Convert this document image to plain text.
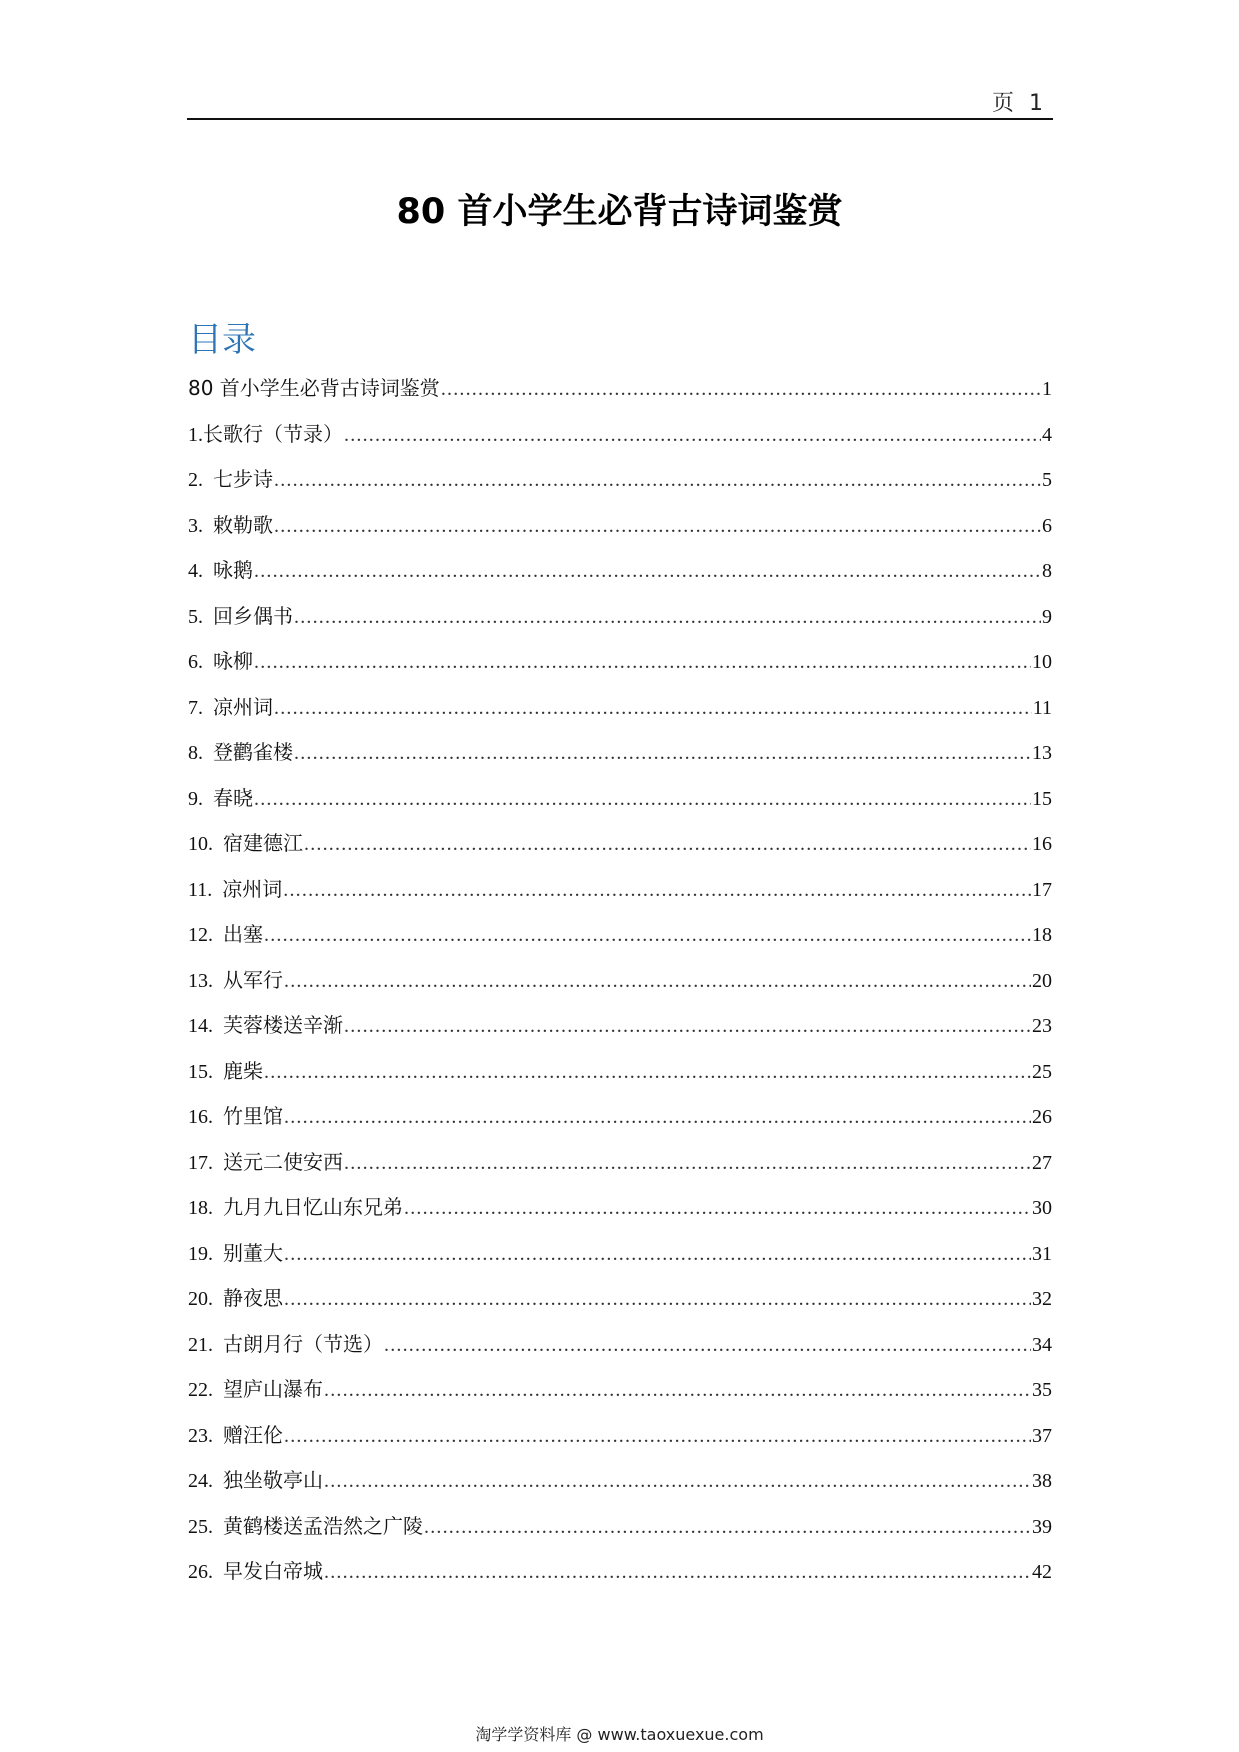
页 1
80 首小学生必背古诗词鉴赏
目录
80 首小学生必背古诗词鉴赏 .....	1
1. 长歌行（节录） .....	4
2. 七步诗 .....	5
3. 敕勒歌 .....	6
4. 咏鹅 .....	8
5. 回乡偶书 .....	9
6. 咏柳 .....	10
7. 凉州词 .....	11
8. 登鹳雀楼 .....	13
9. 春晓 .....	15
10. 宿建德江 .....	16
11. 凉州词 .....	17
12. 出塞 .....	18
13. 从军行 .....	20
14. 芙蓉楼送辛渐 .....	23
15. 鹿柴 .....	25
16. 竹里馆 .....	26
17. 送元二使安西 .....	27
18. 九月九日忆山东兄弟 .....	30
19. 别董大 .....	31
20. 静夜思 .....	32
21. 古朗月行（节选） .....	34
22. 望庐山瀑布 .....	35
23. 赠汪伦 .....	37
24. 独坐敬亭山 .....	38
25. 黄鹤楼送孟浩然之广陵 .....	39
26. 早发白帝城 .....	42
淘学学资料库 @ www.taoxuexue.com
